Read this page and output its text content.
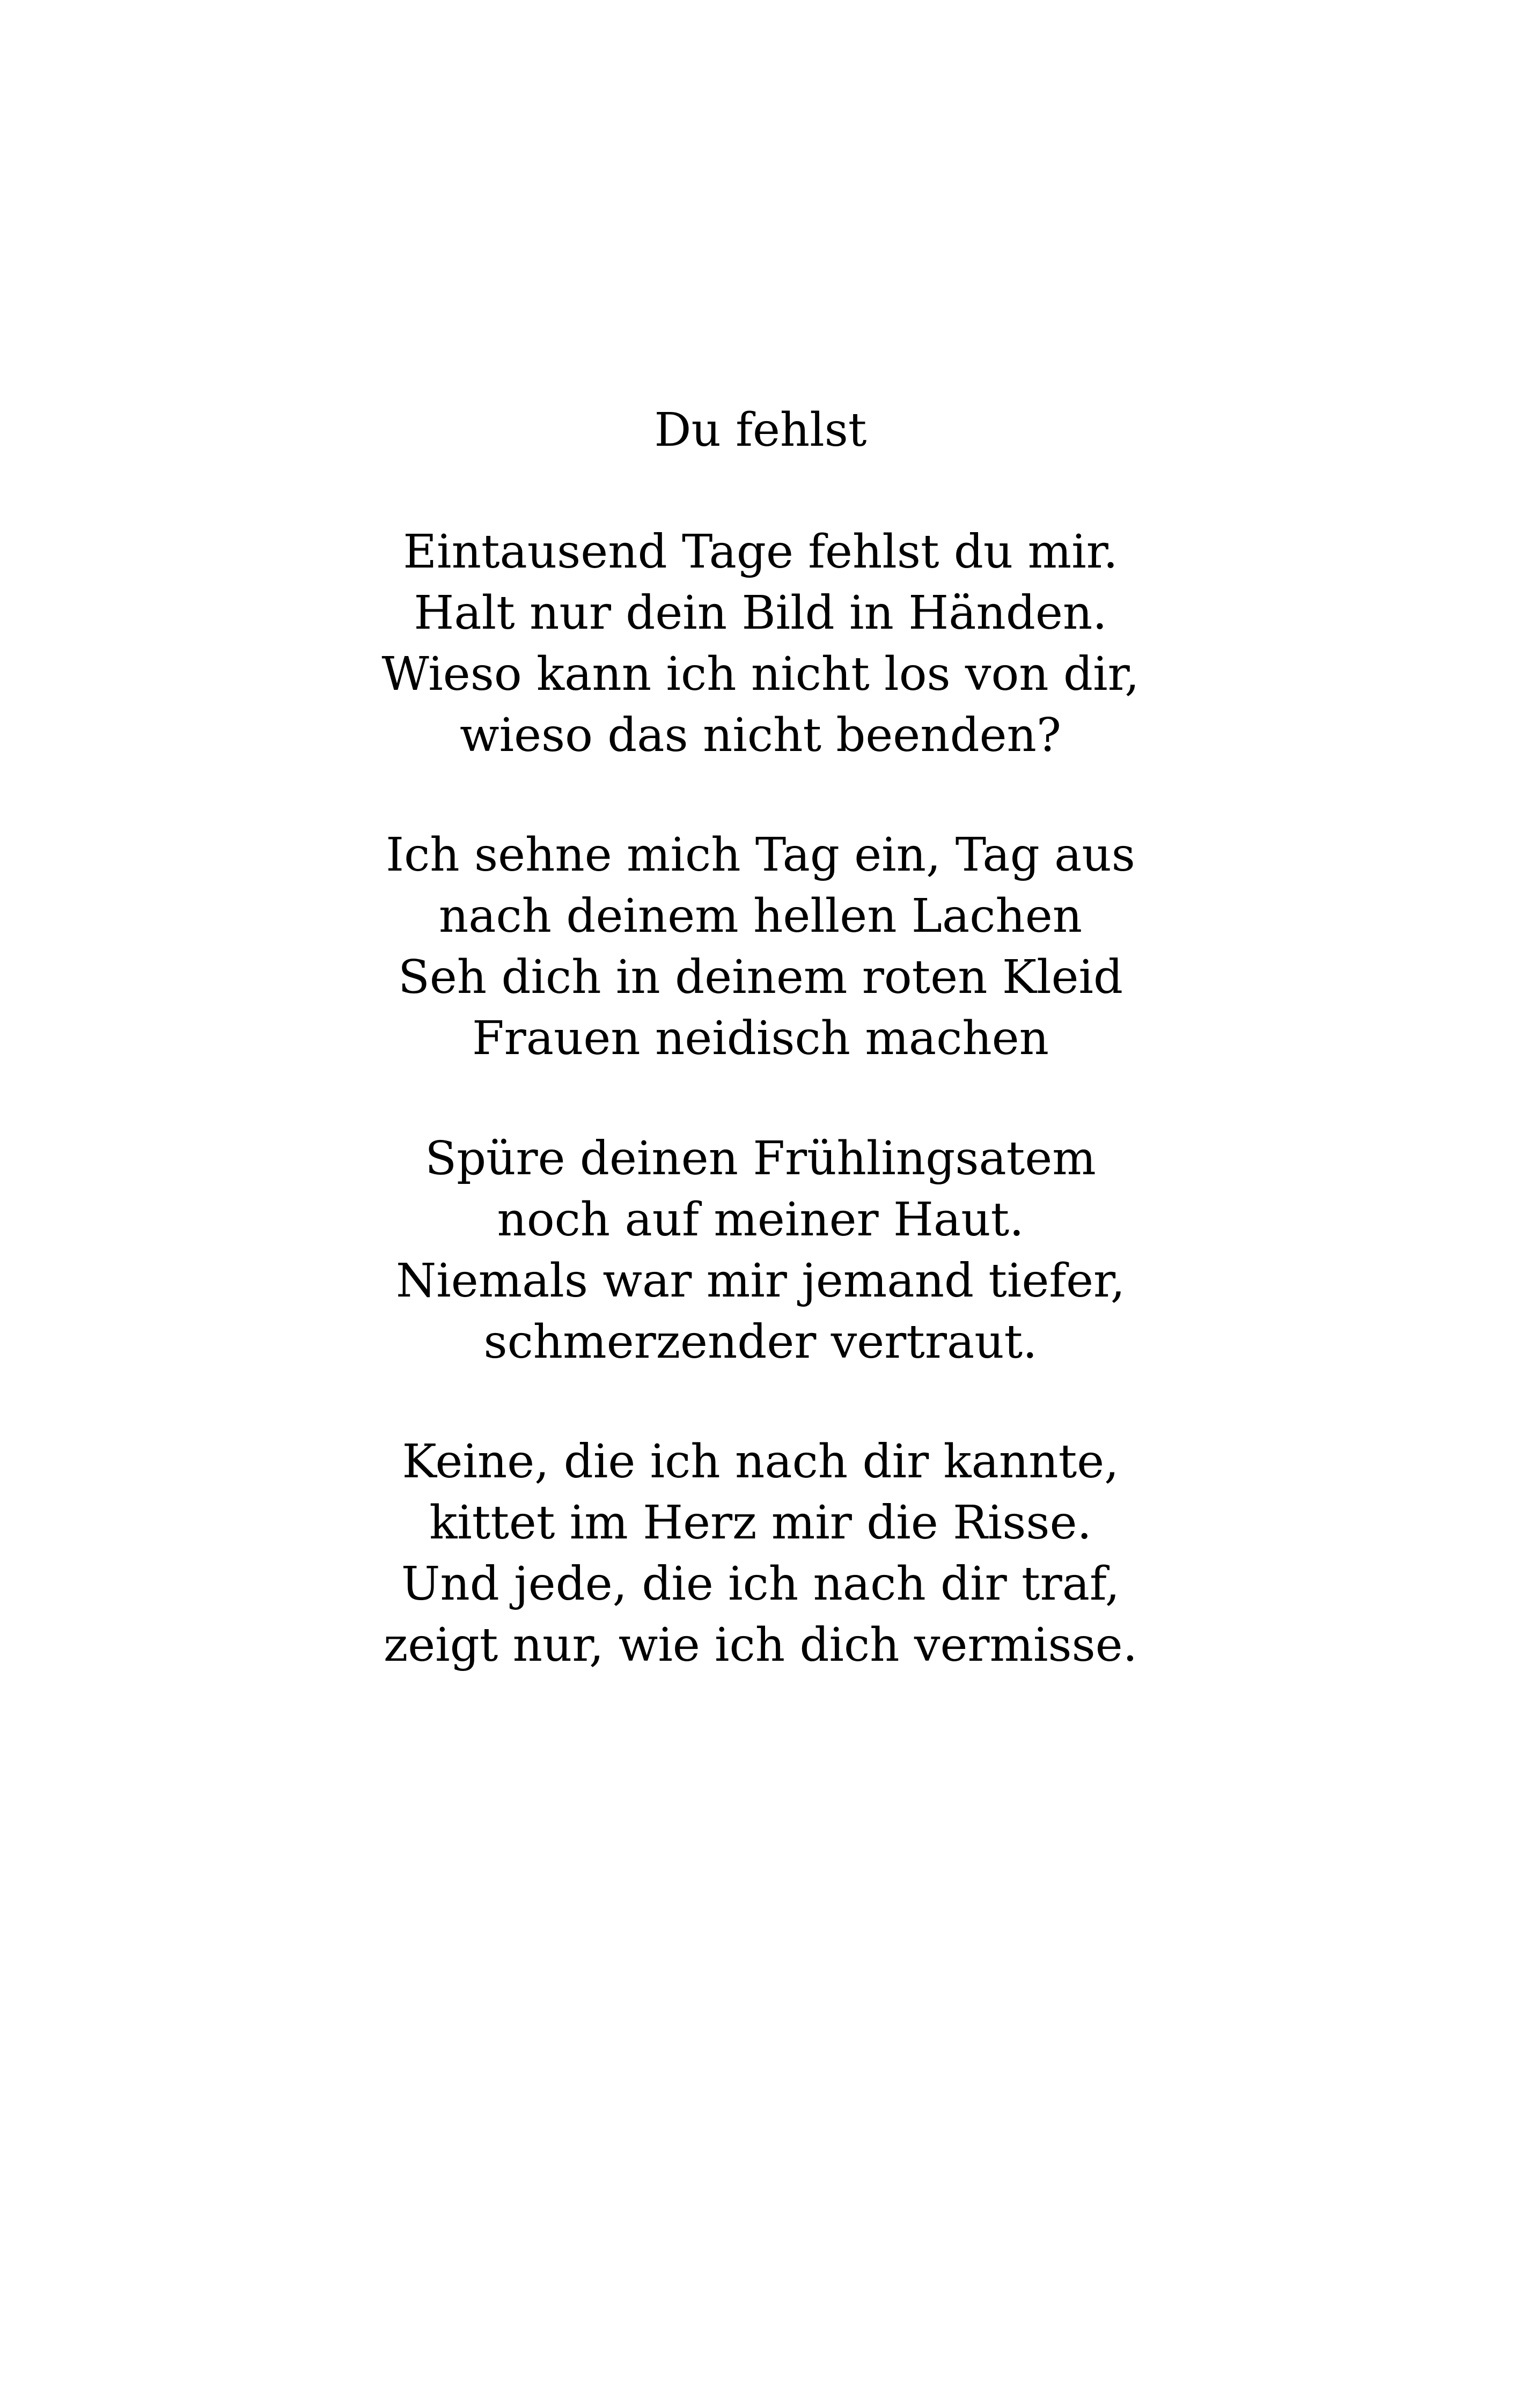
Du fehlst
Eintausend Tage fehlst du mir.
Halt nur dein Bild in Händen.
Wieso kann ich nicht los von dir,
wieso das nicht beenden?
Ich sehne mich Tag ein, Tag aus
nach deinem hellen Lachen
Seh dich in deinem roten Kleid
Frauen neidisch machen
Spüre deinen Frühlingsatem
noch auf meiner Haut.
Niemals war mir jemand tiefer,
schmerzender vertraut.
Keine, die ich nach dir kannte,
kittet im Herz mir die Risse.
Und jede, die ich nach dir traf,
zeigt nur, wie ich dich vermisse.
